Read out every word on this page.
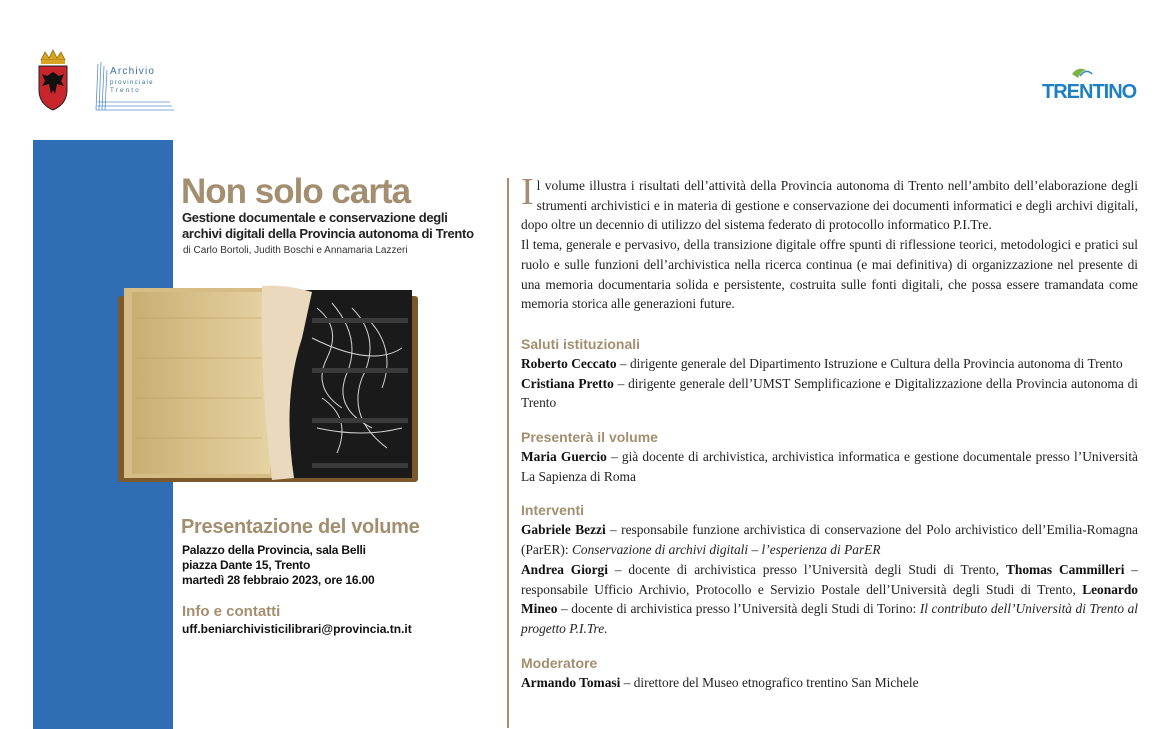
Archivio
provinciale
Trento	TRENTINO
Non solo carta
Gestione documentale e conservazione degli archivi digitali della Provincia autonoma di Trento
di Carlo Bortoli, Judith Boschi e Annamaria Lazzeri
Presentazione del volume
Palazzo della Provincia, sala Belli
piazza Dante 15, Trento
martedì 28 febbraio 2023, ore 16.00
Info e contatti
uff.beniarchivisticilibrari@provincia.tn.it

Il volume illustra i risultati dell’attività della Provincia autonoma di Trento nell’ambito dell’elaborazione degli strumenti archivistici e in materia di gestione e conservazione dei documenti informatici e degli archivi digitali, dopo oltre un decennio di utilizzo del sistema federato di protocollo informatico P.I.Tre.

Il tema, generale e pervasivo, della transizione digitale offre spunti di riflessione teorici, metodologici e pratici sul ruolo e sulle funzioni dell’archivistica nella ricerca continua (e mai definitiva) di organizzazione nel presente di una memoria documentaria solida e persistente, costruita sulle fonti digitali, che possa essere tramandata come memoria storica alle generazioni future.

Saluti istituzionali

Roberto Ceccato – dirigente generale del Dipartimento Istruzione e Cultura della Provincia autonoma di Trento

Cristiana Pretto – dirigente generale dell’UMST Semplificazione e Digitalizzazione della Provincia autonoma di Trento

Presenterà il volume

Maria Guercio – già docente di archivistica, archivistica informatica e gestione documentale presso l’Università La Sapienza di Roma

Interventi

Gabriele Bezzi – responsabile funzione archivistica di conservazione del Polo archivistico dell’Emilia-Romagna (ParER): Conservazione di archivi digitali – l’esperienza di ParER

Andrea Giorgi – docente di archivistica presso l’Università degli Studi di Trento, Thomas Cammilleri – responsabile Ufficio Archivio, Protocollo e Servizio Postale dell’Università degli Studi di Trento, Leonardo Mineo – docente di archivistica presso l’Università degli Studi di Torino: Il contributo dell’Università di Trento al progetto P.I.Tre.

Moderatore

Armando Tomasi – direttore del Museo etnografico trentino San Michele
